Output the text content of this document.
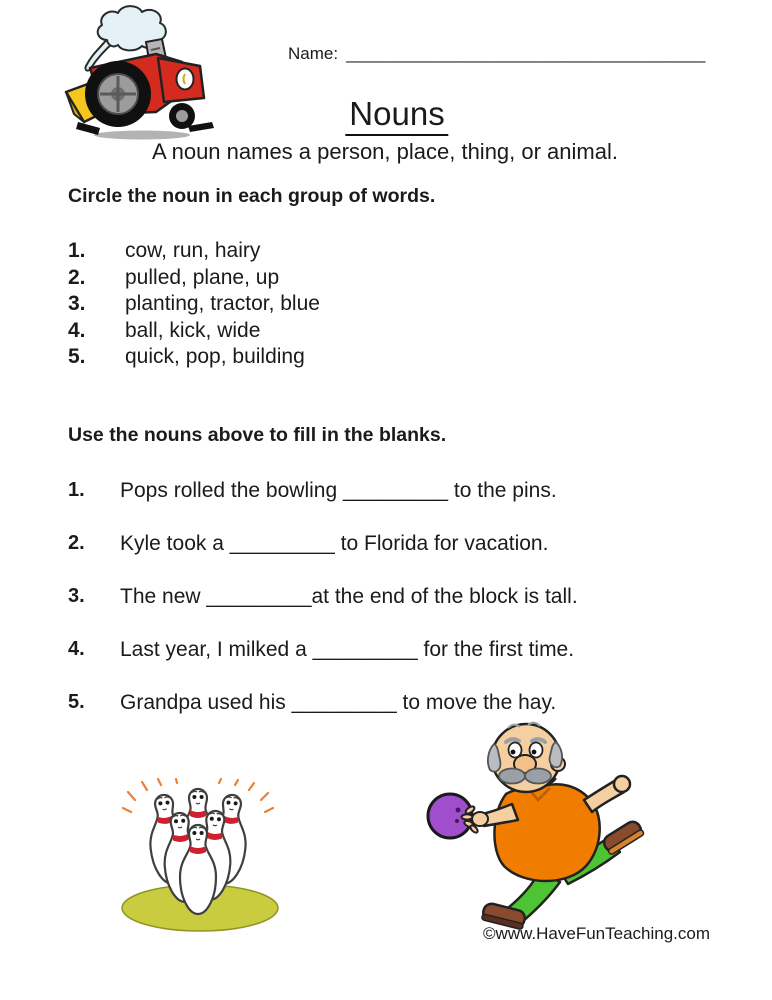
Name: ______________________________________
Nouns
A noun names a person, place, thing, or animal.
Circle the noun in each group of words.
1.	cow, run, hairy
2.	pulled, plane, up
3.	planting, tractor, blue
4.	ball, kick, wide
5.	quick, pop, building
Use the nouns above to fill in the blanks.
1.	Pops rolled the bowling _________ to the pins.
2.	Kyle took a _________ to Florida for vacation.
3.	The new _________at the end of the block is tall.
4.	Last year, I milked a _________ for the first time.
5.	Grandpa used his _________ to move the hay.
©www.HaveFunTeaching.com
